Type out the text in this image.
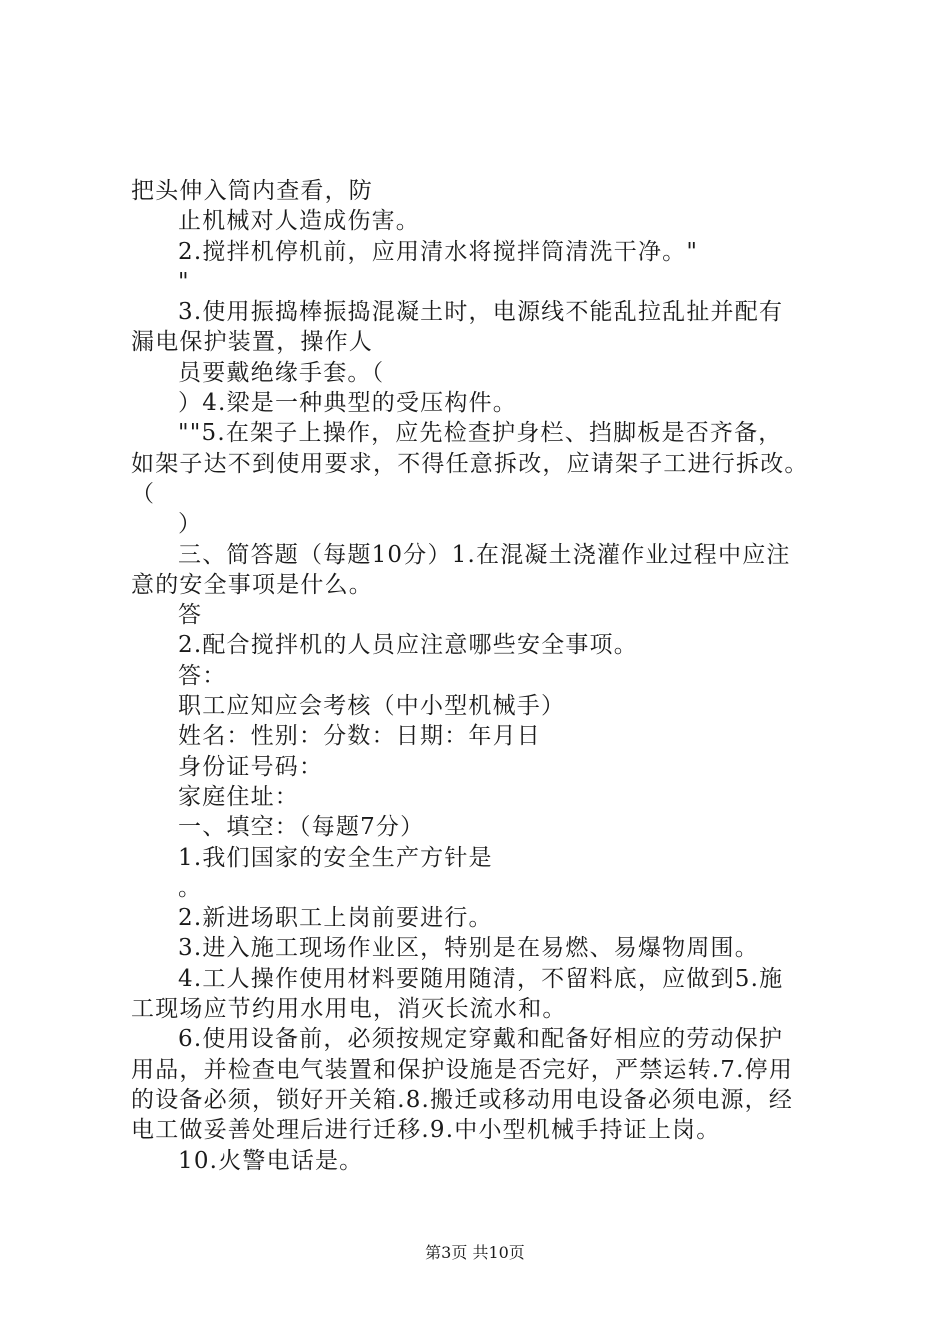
把头伸入筒内查看，防
止机械对人造成伤害。
2.搅拌机停机前，应用清水将搅拌筒清洗干净。"
"
3.使用振捣棒振捣混凝土时，电源线不能乱拉乱扯并配有
漏电保护装置，操作人
员要戴绝缘手套。（
）4.梁是一种典型的受压构件。
""5.在架子上操作，应先检查护身栏、挡脚板是否齐备，
如架子达不到使用要求，不得任意拆改，应请架子工进行拆改。
（
）
三、简答题（每题10分）1.在混凝土浇灌作业过程中应注
意的安全事项是什么。
答
2.配合搅拌机的人员应注意哪些安全事项。
答：
职工应知应会考核（中小型机械手）
姓名：性别：分数：日期：年月日
身份证号码：
家庭住址：
一、填空：（每题7分）
1.我们国家的安全生产方针是
。
2.新进场职工上岗前要进行。
3.进入施工现场作业区，特别是在易燃、易爆物周围。
4.工人操作使用材料要随用随清，不留料底，应做到5.施
工现场应节约用水用电，消灭长流水和。
6.使用设备前，必须按规定穿戴和配备好相应的劳动保护
用品，并检查电气装置和保护设施是否完好，严禁运转.7.停用
的设备必须，锁好开关箱.8.搬迁或移动用电设备必须电源，经
电工做妥善处理后进行迁移.9.中小型机械手持证上岗。
10.火警电话是。
第3页 共10页
